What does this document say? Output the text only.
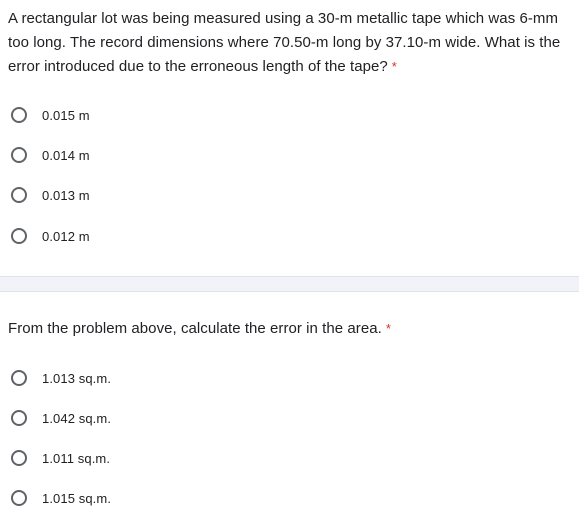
A rectangular lot was being measured using a 30-m metallic tape which was 6-mm too long. The record dimensions where 70.50-m long by 37.10-m wide. What is the error introduced due to the erroneous length of the tape? *
0.015 m
0.014 m
0.013 m
0.012 m
From the problem above, calculate the error in the area. *
1.013 sq.m.
1.042 sq.m.
1.011 sq.m.
1.015 sq.m.
